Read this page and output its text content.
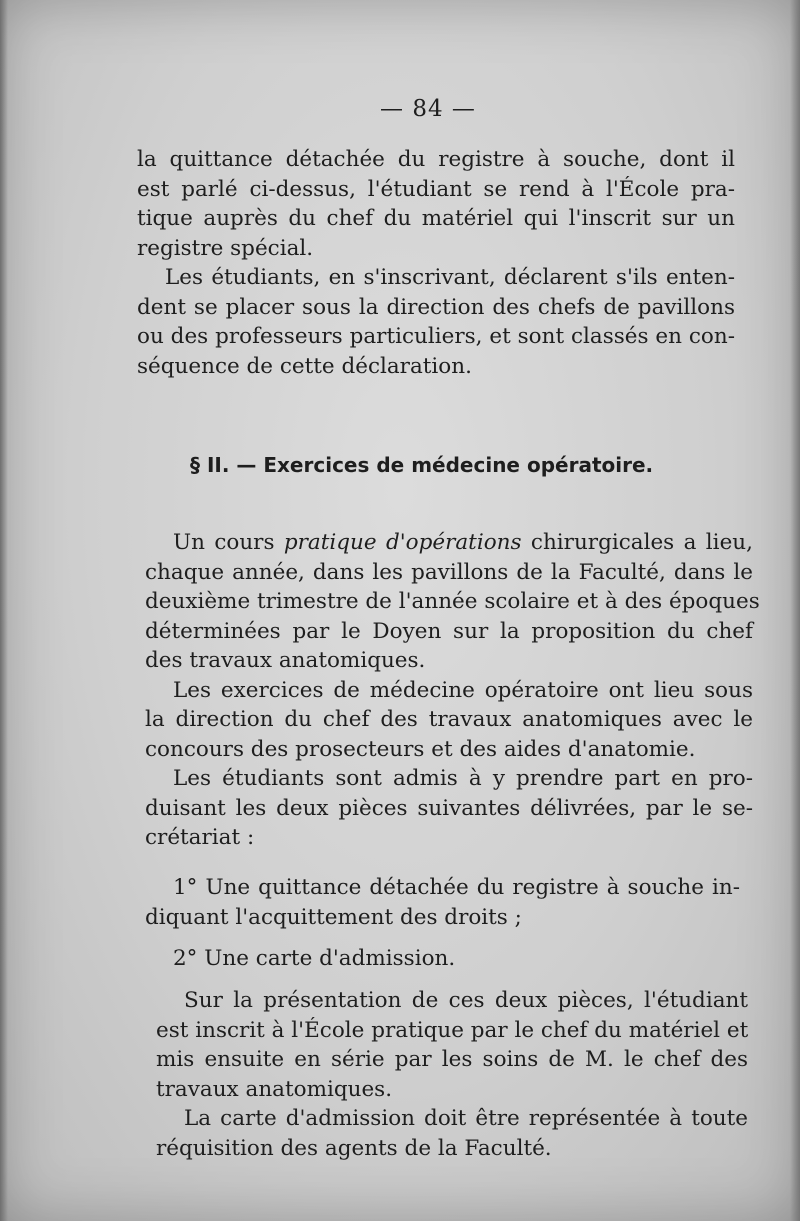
— 84 —
la quittance détachée du registre à souche, dont il
est parlé ci-dessus, l'étudiant se rend à l'École pra-
tique auprès du chef du matériel qui l'inscrit sur un
registre spécial.
Les étudiants, en s'inscrivant, déclarent s'ils enten-
dent se placer sous la direction des chefs de pavillons
ou des professeurs particuliers, et sont classés en con-
séquence de cette déclaration.
§ II. — Exercices de médecine opératoire.
Un cours pratique d'opérations chirurgicales a lieu,
chaque année, dans les pavillons de la Faculté, dans le
deuxième trimestre de l'année scolaire et à des époques
déterminées par le Doyen sur la proposition du chef
des travaux anatomiques.
Les exercices de médecine opératoire ont lieu sous
la direction du chef des travaux anatomiques avec le
concours des prosecteurs et des aides d'anatomie.
Les étudiants sont admis à y prendre part en pro-
duisant les deux pièces suivantes délivrées, par le se-
crétariat :
1° Une quittance détachée du registre à souche in-
diquant l'acquittement des droits ;
2° Une carte d'admission.
Sur la présentation de ces deux pièces, l'étudiant
est inscrit à l'École pratique par le chef du matériel et
mis ensuite en série par les soins de M. le chef des
travaux anatomiques.
La carte d'admission doit être représentée à toute
réquisition des agents de la Faculté.
